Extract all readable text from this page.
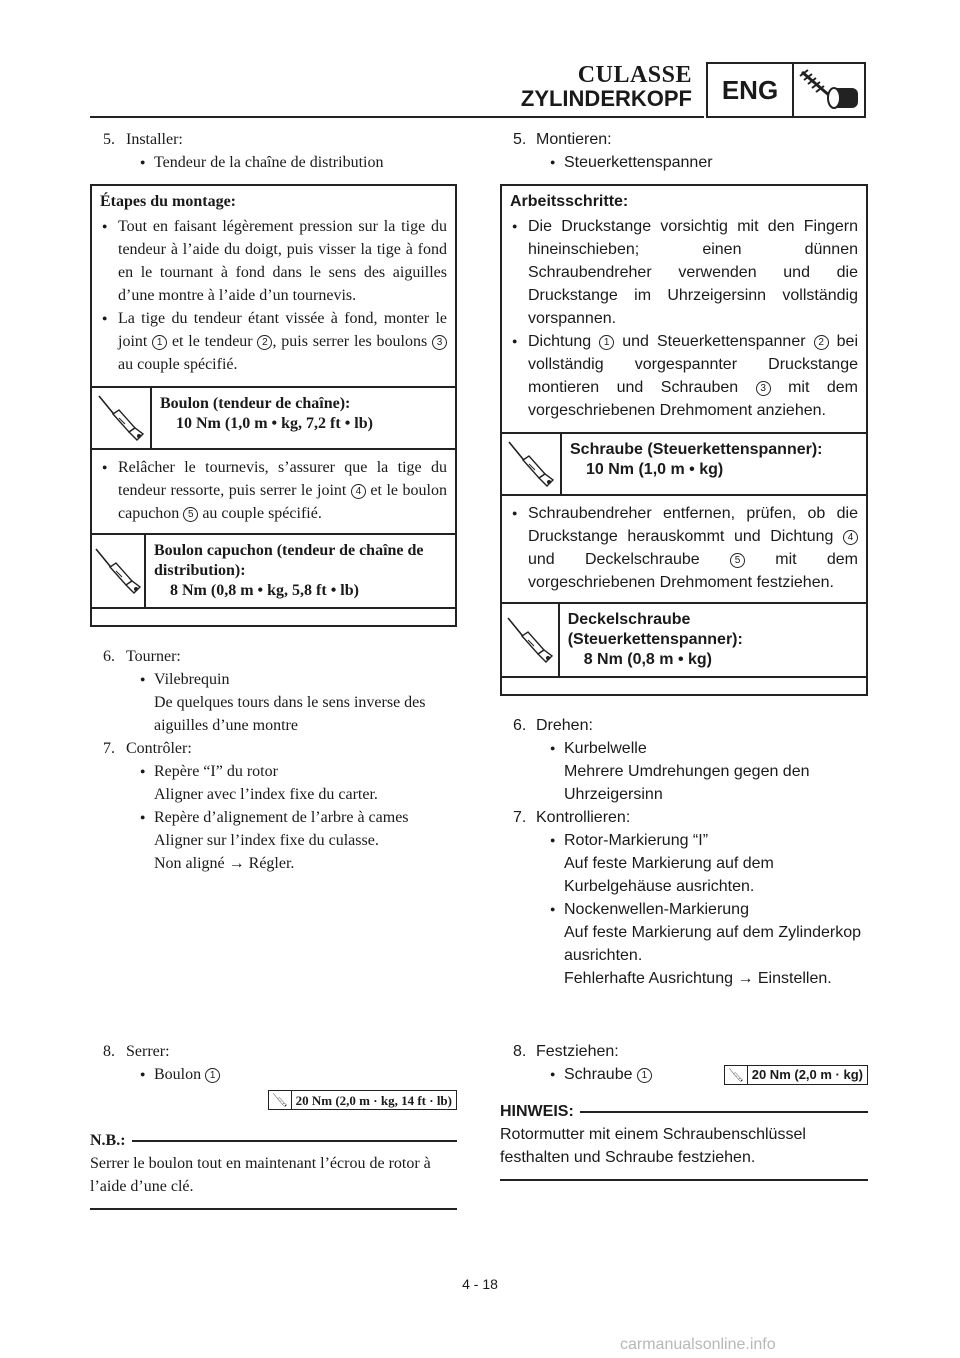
CULASSE
ZYLINDERKOPF	ENG
5. Installer:
● Tendeur de la chaîne de distribution
Étapes du montage:
● Tout en faisant légèrement pression sur la tige du tendeur à l’aide du doigt, puis visser la tige à fond en le tournant à fond dans le sens des aiguilles d’une montre à l’aide d’un tournevis.
● La tige du tendeur étant vissée à fond, monter le joint 1 et le tendeur 2 , puis serrer les boulons 3 au couple spécifié.
Boulon (tendeur de chaîne):
10 Nm (1,0 m • kg, 7,2 ft • lb)
● Relâcher le tournevis, s’assurer que la tige du tendeur ressorte, puis serrer le joint 4 et le boulon capuchon 5 au couple spécifié.
Boulon capuchon (tendeur de chaîne de distribution):
8 Nm (0,8 m • kg, 5,8 ft • lb)
6. Tourner:
● Vilebrequin
De quelques tours dans le sens inverse des aiguilles d’une montre
7. Contrôler:
● Repère “I” du rotor
Aligner avec l’index fixe du carter.
● Repère d’alignement de l’arbre à cames
Aligner sur l’index fixe du culasse.
Non aligné → Régler.
8. Serrer:
● Boulon 1
20 Nm (2,0 m · kg, 14 ft · lb)
N.B.:
Serrer le boulon tout en maintenant l’écrou de rotor à l’aide d’une clé.
5. Montieren:
● Steuerkettenspanner
Arbeitsschritte:
● Die Druckstange vorsichtig mit den Fingern hineinschieben; einen dünnen Schraubendreher verwenden und die Druckstange im Uhrzeigersinn vollständig vorspannen.
● Dichtung 1 und Steuerkettenspanner 2 bei vollständig vorgespannter Druckstange montieren und Schrauben 3 mit dem vorgeschriebenen Drehmoment anziehen.
Schraube (Steuerkettenspanner):
10 Nm (1,0 m • kg)
● Schraubendreher entfernen, prüfen, ob die Druckstange herauskommt und Dichtung 4 und Deckelschraube 5 mit dem vorgeschriebenen Drehmoment festziehen.
Deckelschraube (Steuerkettenspanner):
8 Nm (0,8 m • kg)
6. Drehen:
● Kurbelwelle
Mehrere Umdrehungen gegen den Uhrzeigersinn
7. Kontrollieren:
● Rotor-Markierung “I”
Auf feste Markierung auf dem Kurbelgehäuse ausrichten.
● Nockenwellen-Markierung
Auf feste Markierung auf dem Zylinderkop ausrichten.
Fehlerhafte Ausrichtung → Einstellen.
8. Festziehen:
● Schraube 1	20 Nm (2,0 m · kg)
HINWEIS:
Rotormutter mit einem Schraubenschlüssel festhalten und Schraube festziehen.
4 - 18
carmanualsonline.info
